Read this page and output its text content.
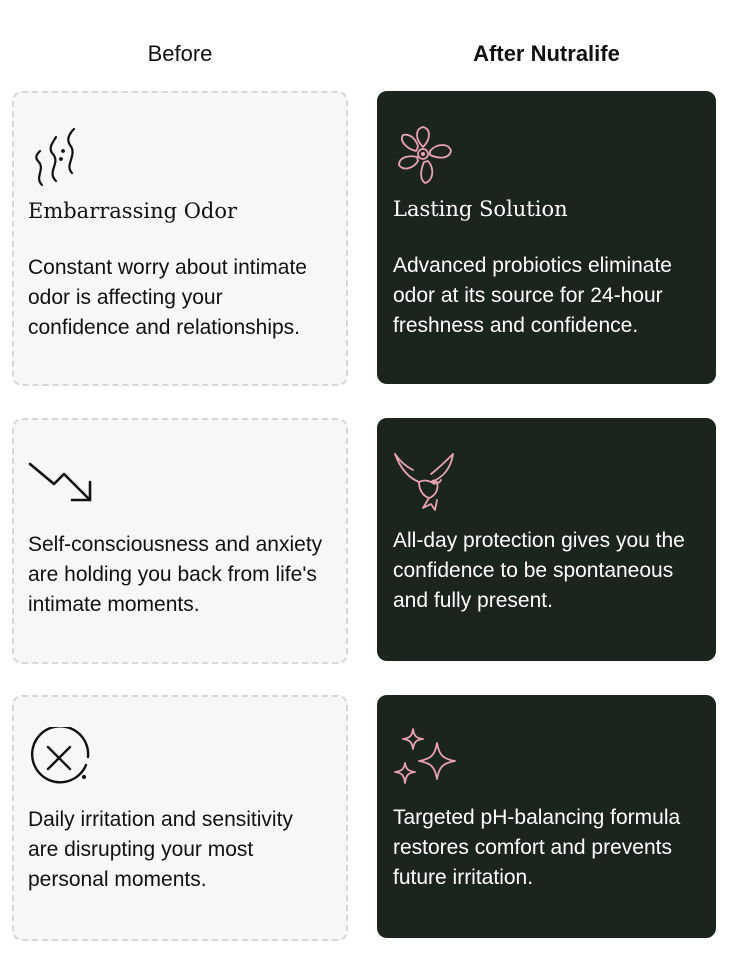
Before	After Nutralife
Embarrassing Odor
Constant worry about intimate odor is affecting your confidence and relationships.
Lasting Solution
Advanced probiotics eliminate odor at its source for 24-hour freshness and confidence.
Self-consciousness and anxiety are holding you back from life's intimate moments.
All-day protection gives you the confidence to be spontaneous and fully present.
Daily irritation and sensitivity are disrupting your most personal moments.
Targeted pH-balancing formula restores comfort and prevents future irritation.
